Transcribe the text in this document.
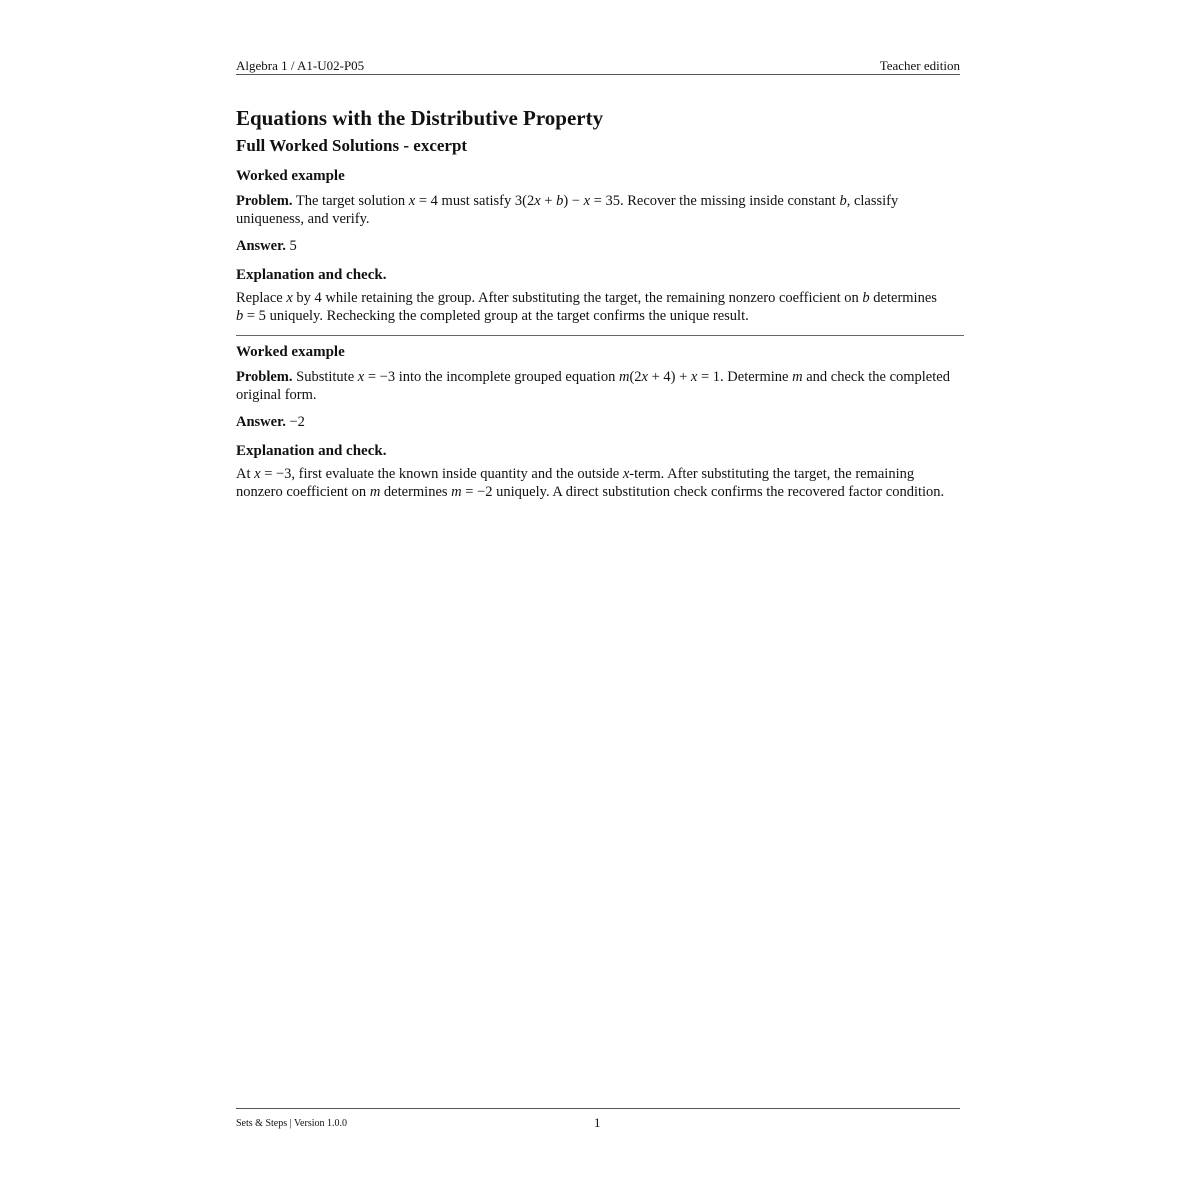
Algebra 1 / A1-U02-P05	Teacher edition
Equations with the Distributive Property
Full Worked Solutions - excerpt
Worked example

Problem. The target solution x = 4 must satisfy 3(2x + b) − x = 35. Recover the missing inside constant b, classify uniqueness, and verify.

Answer. 5

Explanation and check.

Replace x by 4 while retaining the group. After substituting the target, the remaining nonzero coefficient on b determines b = 5 uniquely. Rechecking the completed group at the target confirms the unique result.

Worked example

Problem. Substitute x = −3 into the incomplete grouped equation m(2x + 4) + x = 1. Determine m and check the completed original form.

Answer. −2

Explanation and check.

At x = −3, first evaluate the known inside quantity and the outside x-term. After substituting the target, the remaining nonzero coefficient on m determines m = −2 uniquely. A direct substitution check confirms the recovered factor condition.

Sets & Steps | Version 1.0.0	1
